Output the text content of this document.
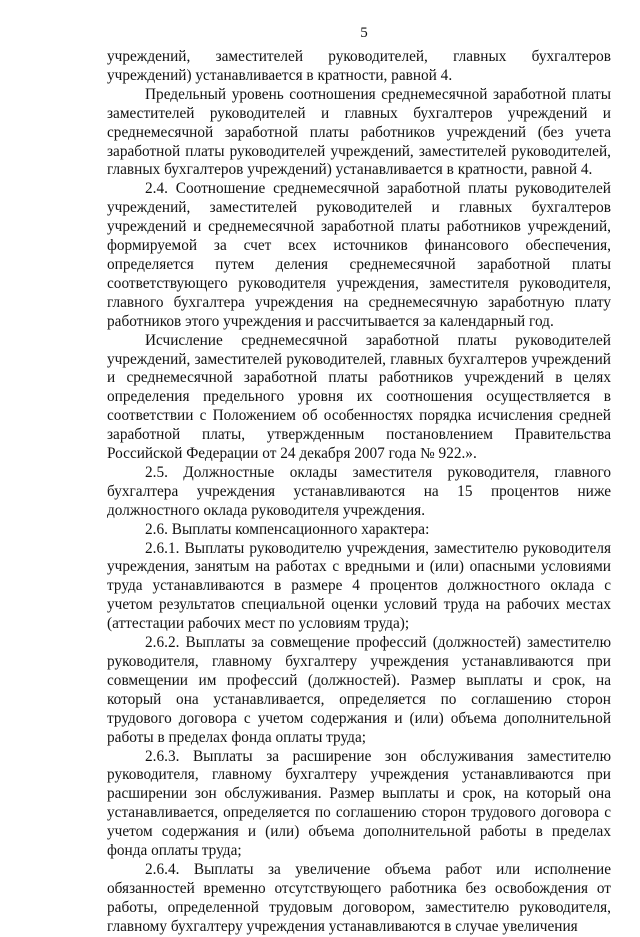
5

учреждений, заместителей руководителей, главных бухгалтеров учреждений) устанавливается в кратности, равной 4.

Предельный уровень соотношения среднемесячной заработной платы заместителей руководителей и главных бухгалтеров учреждений и среднемесячной заработной платы работников учреждений (без учета заработной платы руководителей учреждений, заместителей руководителей, главных бухгалтеров учреждений) устанавливается в кратности, равной 4.

2.4. Соотношение среднемесячной заработной платы руководителей учреждений, заместителей руководителей и главных бухгалтеров учреждений и среднемесячной заработной платы работников учреждений, формируемой за счет всех источников финансового обеспечения, определяется путем деления среднемесячной заработной платы соответствующего руководителя учреждения, заместителя руководителя, главного бухгалтера учреждения на среднемесячную заработную плату работников этого учреждения и рассчитывается за календарный год.

Исчисление среднемесячной заработной платы руководителей учреждений, заместителей руководителей, главных бухгалтеров учреждений и среднемесячной заработной платы работников учреждений в целях определения предельного уровня их соотношения осуществляется в соответствии с Положением об особенностях порядка исчисления средней заработной платы, утвержденным постановлением Правительства Российской Федерации от 24 декабря 2007 года № 922.».

2.5. Должностные оклады заместителя руководителя, главного бухгалтера учреждения устанавливаются на 15 процентов ниже должностного оклада руководителя учреждения.

2.6. Выплаты компенсационного характера:

2.6.1. Выплаты руководителю учреждения, заместителю руководителя учреждения, занятым на работах с вредными и (или) опасными условиями труда устанавливаются в размере 4 процентов должностного оклада с учетом результатов специальной оценки условий труда на рабочих местах (аттестации рабочих мест по условиям труда);

2.6.2. Выплаты за совмещение профессий (должностей) заместителю руководителя, главному бухгалтеру учреждения устанавливаются при совмещении им профессий (должностей). Размер выплаты и срок, на который она устанавливается, определяется по соглашению сторон трудового договора с учетом содержания и (или) объема дополнительной работы в пределах фонда оплаты труда;

2.6.3. Выплаты за расширение зон обслуживания заместителю руководителя, главному бухгалтеру учреждения устанавливаются при расширении зон обслуживания. Размер выплаты и срок, на который она устанавливается, определяется по соглашению сторон трудового договора с учетом содержания и (или) объема дополнительной работы в пределах фонда оплаты труда;

2.6.4. Выплаты за увеличение объема работ или исполнение обязанностей временно отсутствующего работника без освобождения от работы, определенной трудовым договором, заместителю руководителя, главному бухгалтеру учреждения устанавливаются в случае увеличения
